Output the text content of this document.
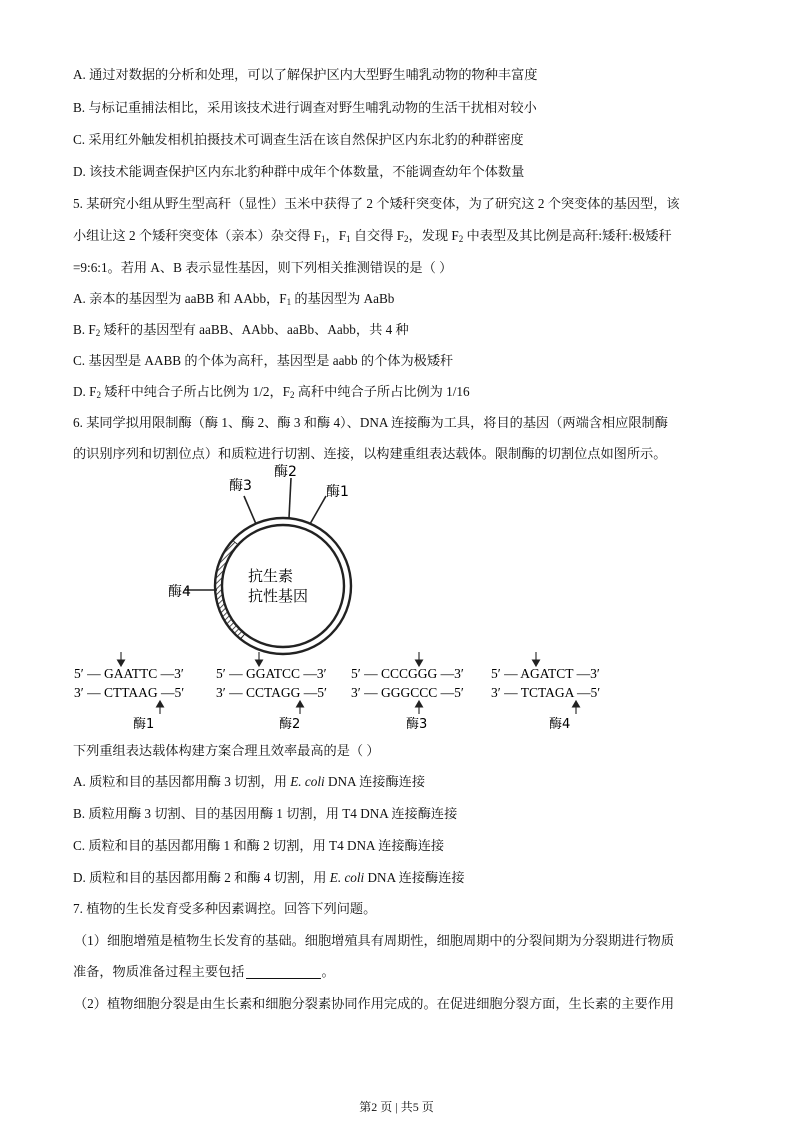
A. 通过对数据的分析和处理，可以了解保护区内大型野生哺乳动物的物种丰富度
B. 与标记重捕法相比，采用该技术进行调查对野生哺乳动物的生活干扰相对较小
C. 采用红外触发相机拍摄技术可调查生活在该自然保护区内东北豹的种群密度
D. 该技术能调查保护区内东北豹种群中成年个体数量，不能调查幼年个体数量
5. 某研究小组从野生型高秆（显性）玉米中获得了 2 个矮秆突变体，为了研究这 2 个突变体的基因型，该
小组让这 2 个矮秆突变体（亲本）杂交得 $F_1$，$F_1$ 自交得 $F_2$，发现 $F_2$ 中表型及其比例是高秆:矮秆:极矮秆
=9:6:1。若用 A、B 表示显性基因，则下列相关推测错误的是（ ）
A. 亲本的基因型为 aaBB 和 AAbb，$F_1$ 的基因型为 AaBb
B. $F_2$ 矮秆的基因型有 aaBB、AAbb、aaBb、Aabb，共 4 种
C. 基因型是 AABB 的个体为高秆，基因型是 aabb 的个体为极矮秆
D. $F_2$ 矮秆中纯合子所占比例为 1/2，$F_2$ 高秆中纯合子所占比例为 1/16
6. 某同学拟用限制酶（酶 1、酶 2、酶 3 和酶 4）、DNA 连接酶为工具，将目的基因（两端含相应限制酶
的识别序列和切割位点）和质粒进行切割、连接，以构建重组表达载体。限制酶的切割位点如图所示。
酶3
酶2
酶1
酶4
抗生素
抗性基因
5′ — GAATTC —3′
3′ — CTTAAG —5′
5′ — GGATCC —3′
3′ — CCTAGG —5′
5′ — CCCGGG —3′
3′ — GGGCCC —5′
5′ — AGATCT —3′
3′ — TCTAGA —5′
酶1	酶2	酶3	酶4
下列重组表达载体构建方案合理且效率最高的是（ ）
A. 质粒和目的基因都用酶 3 切割，用 E. coli DNA 连接酶连接
B. 质粒用酶 3 切割、目的基因用酶 1 切割，用 T4 DNA 连接酶连接
C. 质粒和目的基因都用酶 1 和酶 2 切割，用 T4 DNA 连接酶连接
D. 质粒和目的基因都用酶 2 和酶 4 切割，用 E. coli DNA 连接酶连接
7. 植物的生长发育受多种因素调控。回答下列问题。
（1）细胞增殖是植物生长发育的基础。细胞增殖具有周期性，细胞周期中的分裂间期为分裂期进行物质
准备，物质准备过程主要包括	。
（2）植物细胞分裂是由生长素和细胞分裂素协同作用完成的。在促进细胞分裂方面，生长素的主要作用
第2 页 | 共5 页
